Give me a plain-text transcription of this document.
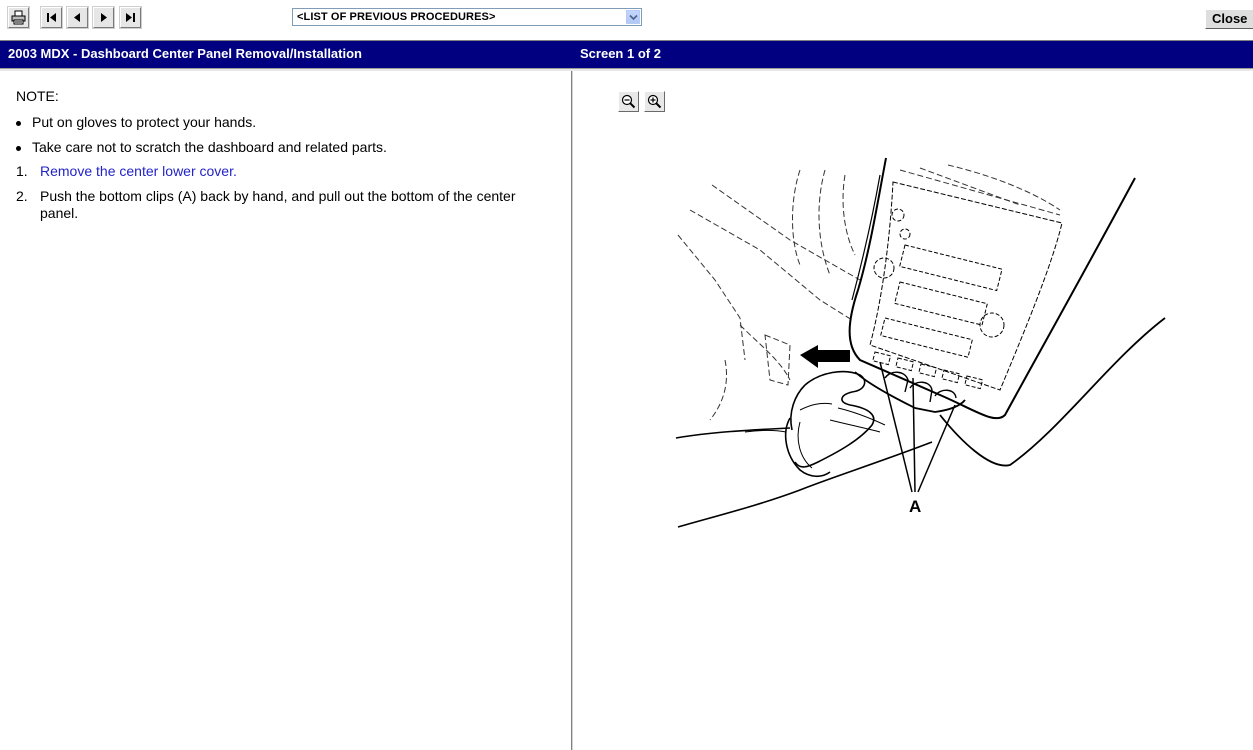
<LIST OF PREVIOUS PROCEDURES>	Close
2003 MDX - Dashboard Center Panel Removal/Installation	Screen 1 of 2
NOTE:
Put on gloves to protect your hands.
Take care not to scratch the dashboard and related parts.
1. Remove the center lower cover.
2. Push the bottom clips (A) back by hand, and pull out the bottom of the center panel.
A
